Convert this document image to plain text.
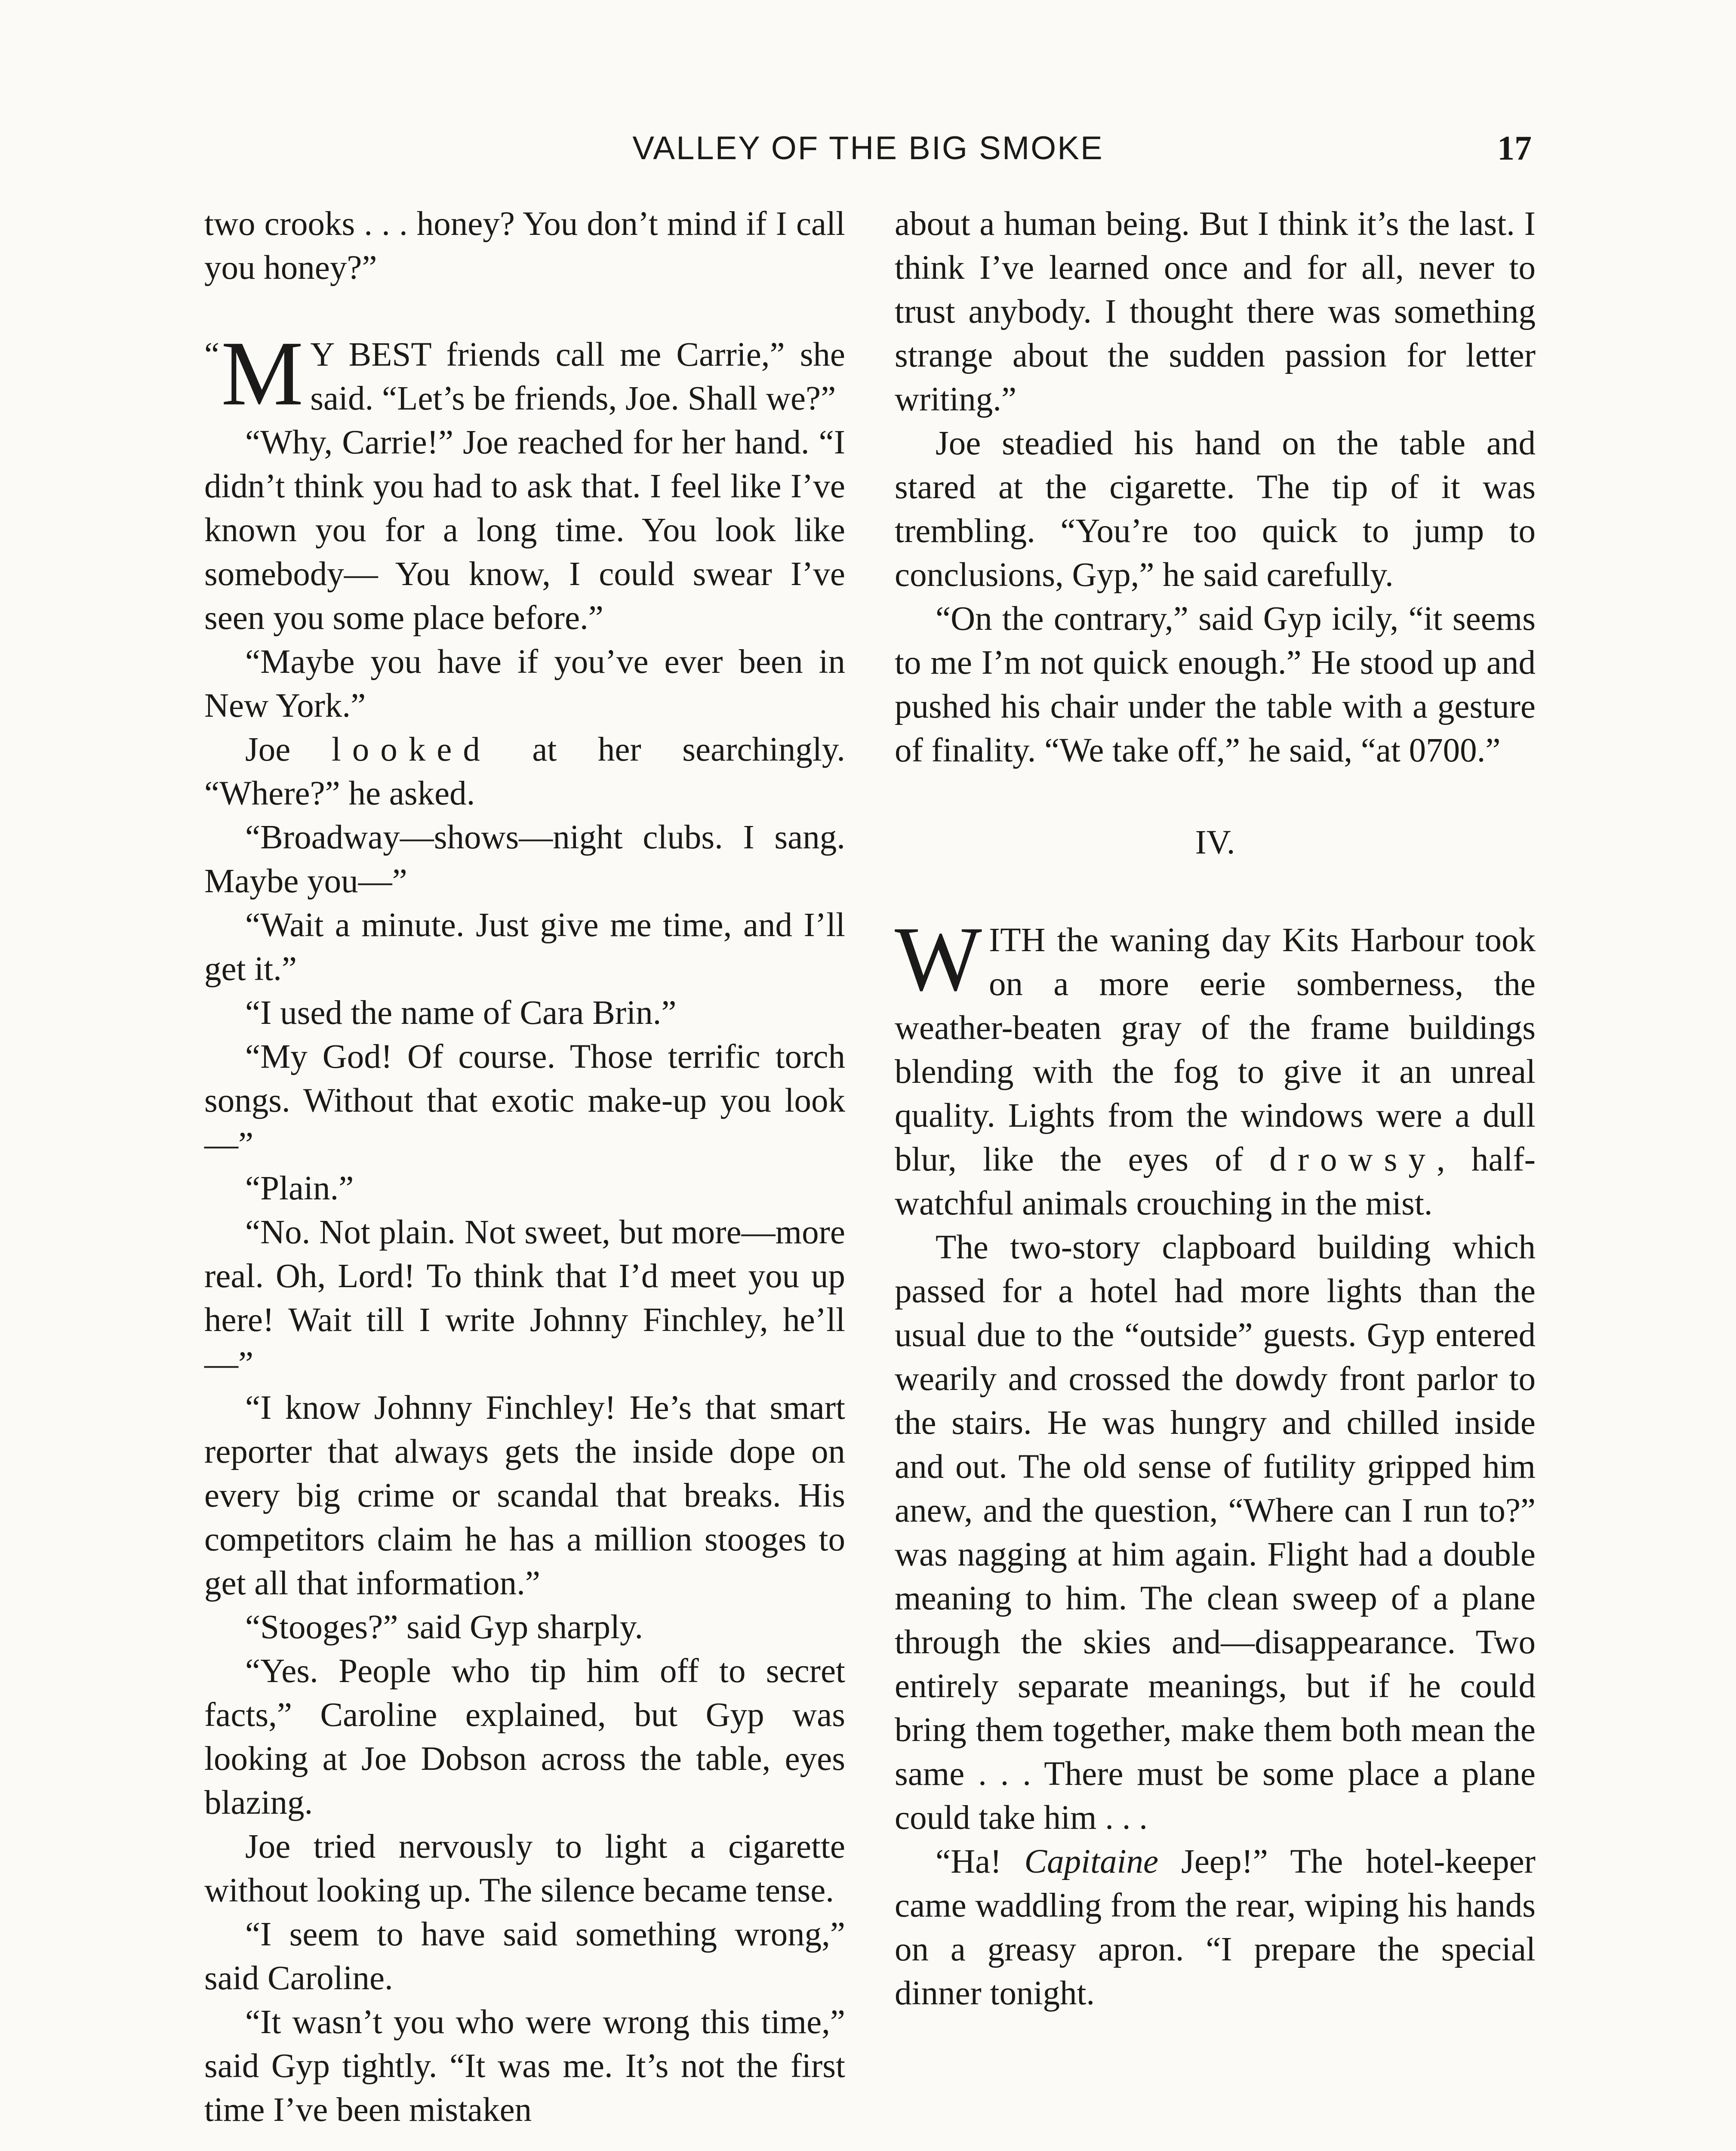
VALLEY OF THE BIG SMOKE	17

two crooks . . . honey? You don’t mind if I call you honey?”

“ M Y BEST friends call me Carrie,” she said. “Let’s be friends, Joe. Shall we?”

“Why, Carrie!” Joe reached for her hand. “I didn’t think you had to ask that. I feel like I’ve known you for a long time. You look like somebody— You know, I could swear I’ve seen you some place before.”

“Maybe you have if you’ve ever been in New York.”

Joe looked at her searchingly. “Where?” he asked.

“Broadway—shows—night clubs. I sang. Maybe you—”

“Wait a minute. Just give me time, and I’ll get it.”

“I used the name of Cara Brin.”

“My God! Of course. Those terrific torch songs. Without that exotic make-up you look—”

“Plain.”

“No. Not plain. Not sweet, but more—more real. Oh, Lord! To think that I’d meet you up here! Wait till I write Johnny Finchley, he’ll—”

“I know Johnny Finchley! He’s that smart reporter that always gets the inside dope on every big crime or scandal that breaks. His competitors claim he has a million stooges to get all that information.”

“Stooges?” said Gyp sharply.

“Yes. People who tip him off to secret facts,” Caroline explained, but Gyp was looking at Joe Dobson across the table, eyes blazing.

Joe tried nervously to light a cigarette without looking up. The silence became tense.

“I seem to have said something wrong,” said Caroline.

“It wasn’t you who were wrong this time,” said Gyp tightly. “It was me. It’s not the first time I’ve been mistaken

about a human being. But I think it’s the last. I think I’ve learned once and for all, never to trust anybody. I thought there was something strange about the sudden passion for letter writing.”

Joe steadied his hand on the table and stared at the cigarette. The tip of it was trembling. “You’re too quick to jump to conclusions, Gyp,” he said carefully.

“On the contrary,” said Gyp icily, “it seems to me I’m not quick enough.” He stood up and pushed his chair under the table with a gesture of finality. “We take off,” he said, “at 0700.”

IV.

WITH the waning day Kits Harbour took on a more eerie somberness, the weather-beaten gray of the frame buildings blending with the fog to give it an unreal quality. Lights from the windows were a dull blur, like the eyes of drowsy, half-watchful animals crouching in the mist.

The two-story clapboard building which passed for a hotel had more lights than the usual due to the “outside” guests. Gyp entered wearily and crossed the dowdy front parlor to the stairs. He was hungry and chilled inside and out. The old sense of futility gripped him anew, and the question, “Where can I run to?” was nagging at him again. Flight had a double meaning to him. The clean sweep of a plane through the skies and—disappearance. Two entirely separate meanings, but if he could bring them together, make them both mean the same . . . There must be some place a plane could take him . . .

“Ha! Capitaine Jeep!” The hotel-keeper came waddling from the rear, wiping his hands on a greasy apron. “I prepare the special dinner tonight.
